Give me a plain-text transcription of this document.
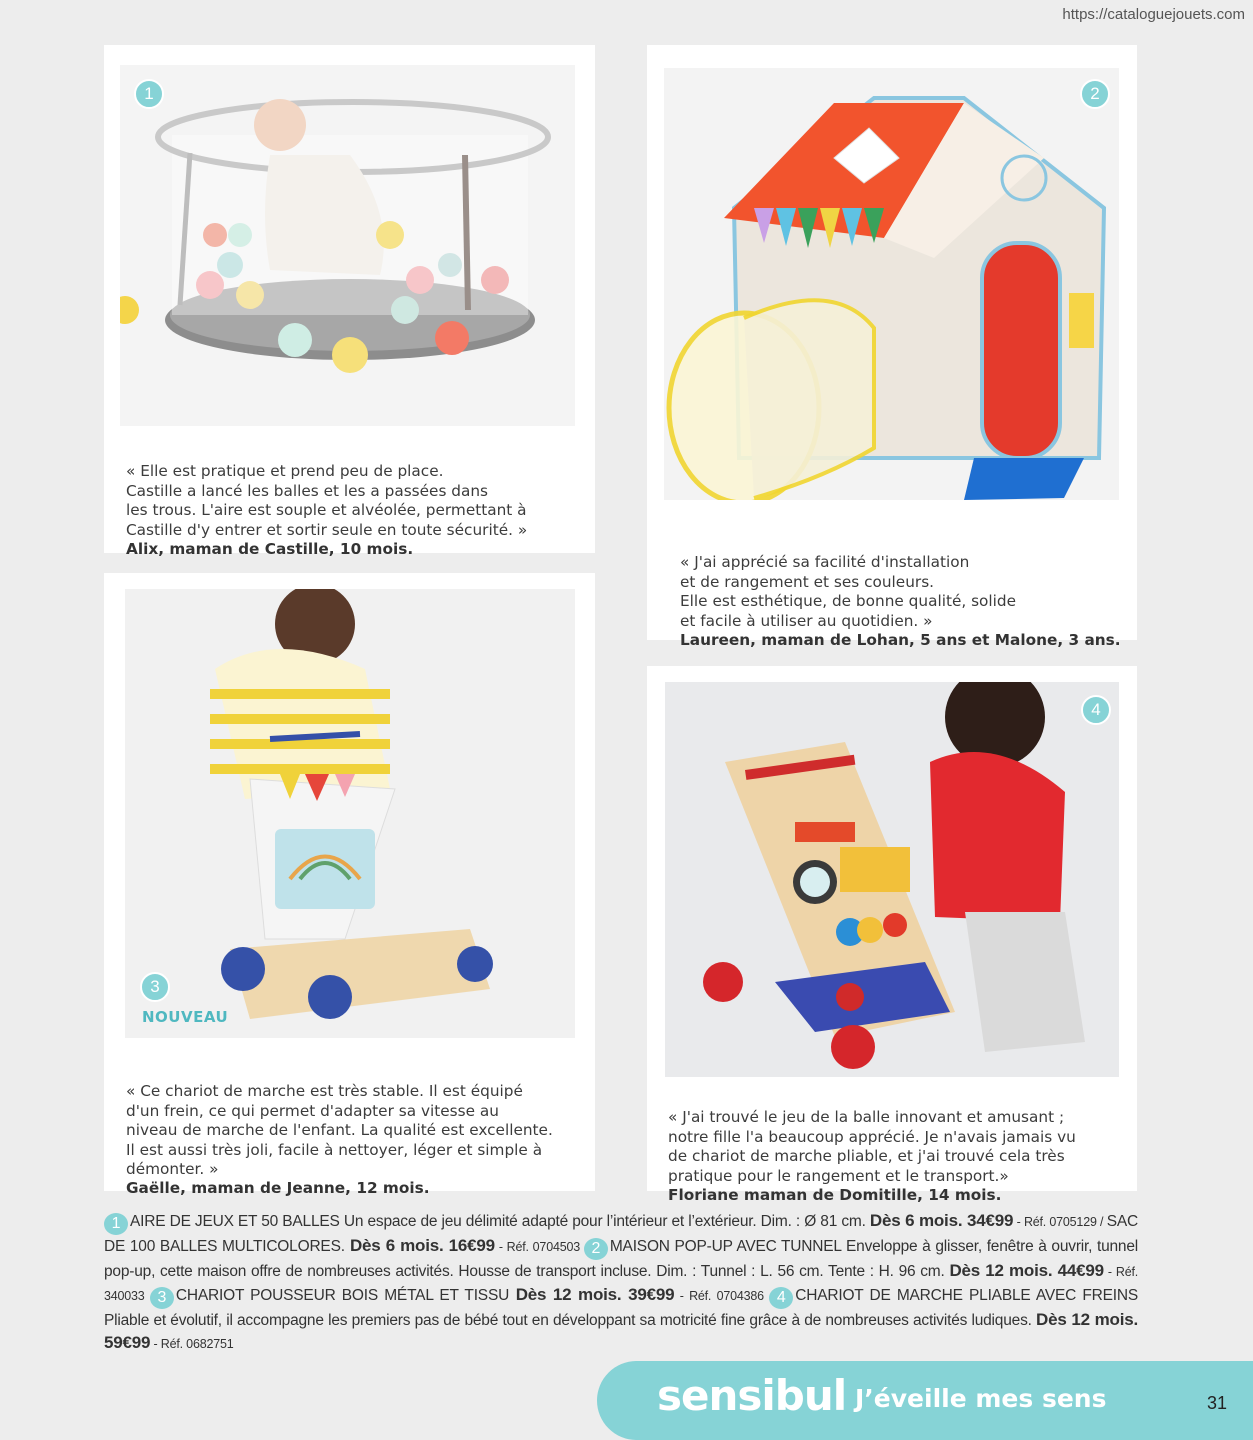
https://cataloguejouets.com
1

« Elle est pratique et prend peu de place.
Castille a lancé les balles et les a passées dans
les trous. L'aire est souple et alvéolée, permettant à
Castille d'y entrer et sortir seule en toute sécurité. »

Alix, maman de Castille, 10 mois.

2

« J'ai apprécié sa facilité d'installation
et de rangement et ses couleurs.
Elle est esthétique, de bonne qualité, solide
et facile à utiliser au quotidien. »

Laureen, maman de Lohan, 5 ans et Malone, 3 ans.

3
NOUVEAU

« Ce chariot de marche est très stable. Il est équipé
d'un frein, ce qui permet d'adapter sa vitesse au
niveau de marche de l'enfant. La qualité est excellente.
Il est aussi très joli, facile à nettoyer, léger et simple à
démonter. »

Gaëlle, maman de Jeanne, 12 mois.

4

« J'ai trouvé le jeu de la balle innovant et amusant ;
notre fille l'a beaucoup apprécié. Je n'avais jamais vu
de chariot de marche pliable, et j'ai trouvé cela très
pratique pour le rangement et le transport.»

Floriane maman de Domitille, 14 mois.

1 AIRE DE JEUX ET 50 BALLES Un espace de jeu délimité adapté pour l’intérieur et l’extérieur. Dim. : Ø 81 cm. Dès 6 mois. 34€99 - Réf. 0705129 / SAC DE 100 BALLES MULTICOLORES. Dès 6 mois. 16€99 - Réf. 0704503 2 MAISON POP-UP AVEC TUNNEL Enveloppe à glisser, fenêtre à ouvrir, tunnel pop-up, cette maison offre de nombreuses activités. Housse de transport incluse. Dim. : Tunnel : L. 56 cm. Tente : H. 96 cm. Dès 12 mois. 44€99 - Réf. 340033 3 CHARIOT POUSSEUR BOIS MÉTAL ET TISSU Dès 12 mois. 39€99 - Réf. 0704386 4 CHARIOT DE MARCHE PLIABLE AVEC FREINS Pliable et évolutif, il accompagne les premiers pas de bébé tout en développant sa motricité fine grâce à de nombreuses activités ludiques. Dès 12 mois. 59€99 - Réf. 0682751
sensibul J’éveille mes sens	31
